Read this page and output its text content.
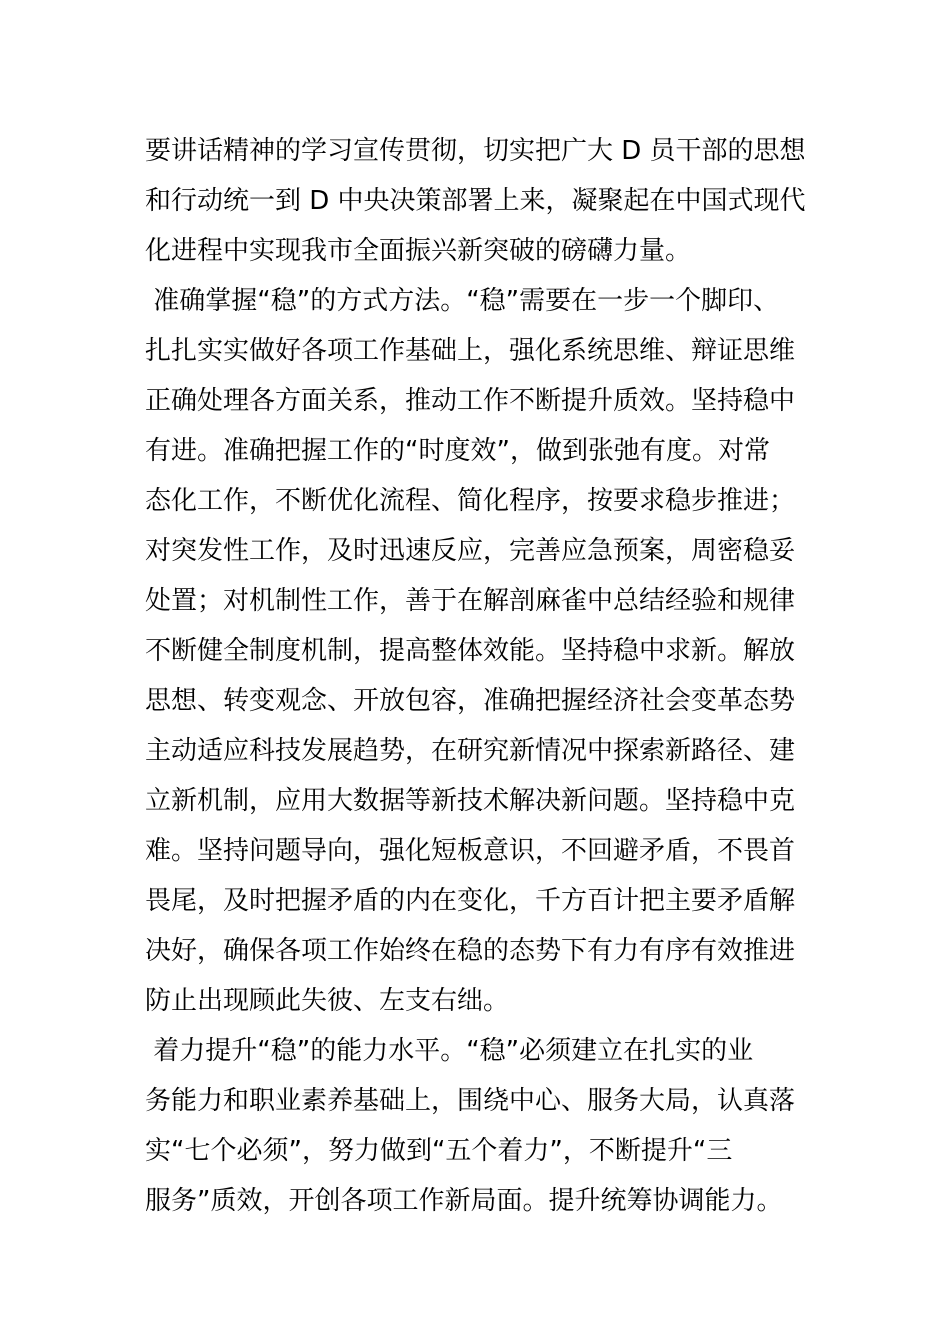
要讲话精神的学习宣传贯彻，切实把广大 D 员干部的思想
和行动统一到 D 中央决策部署上来，凝聚起在中国式现代
化进程中实现我市全面振兴新突破的磅礴力量。
准确掌握“稳”的方式方法。“稳”需要在一步一个脚印、
扎扎实实做好各项工作基础上，强化系统思维、辩证思维
正确处理各方面关系，推动工作不断提升质效。坚持稳中
有进。准确把握工作的“时度效”，做到张弛有度。对常
态化工作，不断优化流程、简化程序，按要求稳步推进；
对突发性工作，及时迅速反应，完善应急预案，周密稳妥
处置；对机制性工作，善于在解剖麻雀中总结经验和规律
不断健全制度机制，提高整体效能。坚持稳中求新。解放
思想、转变观念、开放包容，准确把握经济社会变革态势
主动适应科技发展趋势，在研究新情况中探索新路径、建
立新机制，应用大数据等新技术解决新问题。坚持稳中克
难。坚持问题导向，强化短板意识，不回避矛盾，不畏首
畏尾，及时把握矛盾的内在变化，千方百计把主要矛盾解
决好，确保各项工作始终在稳的态势下有力有序有效推进
防止出现顾此失彼、左支右绌。
着力提升“稳”的能力水平。“稳”必须建立在扎实的业
务能力和职业素养基础上，围绕中心、服务大局，认真落
实“七个必须”，努力做到“五个着力”，不断提升“三
服务”质效，开创各项工作新局面。提升统筹协调能力。
